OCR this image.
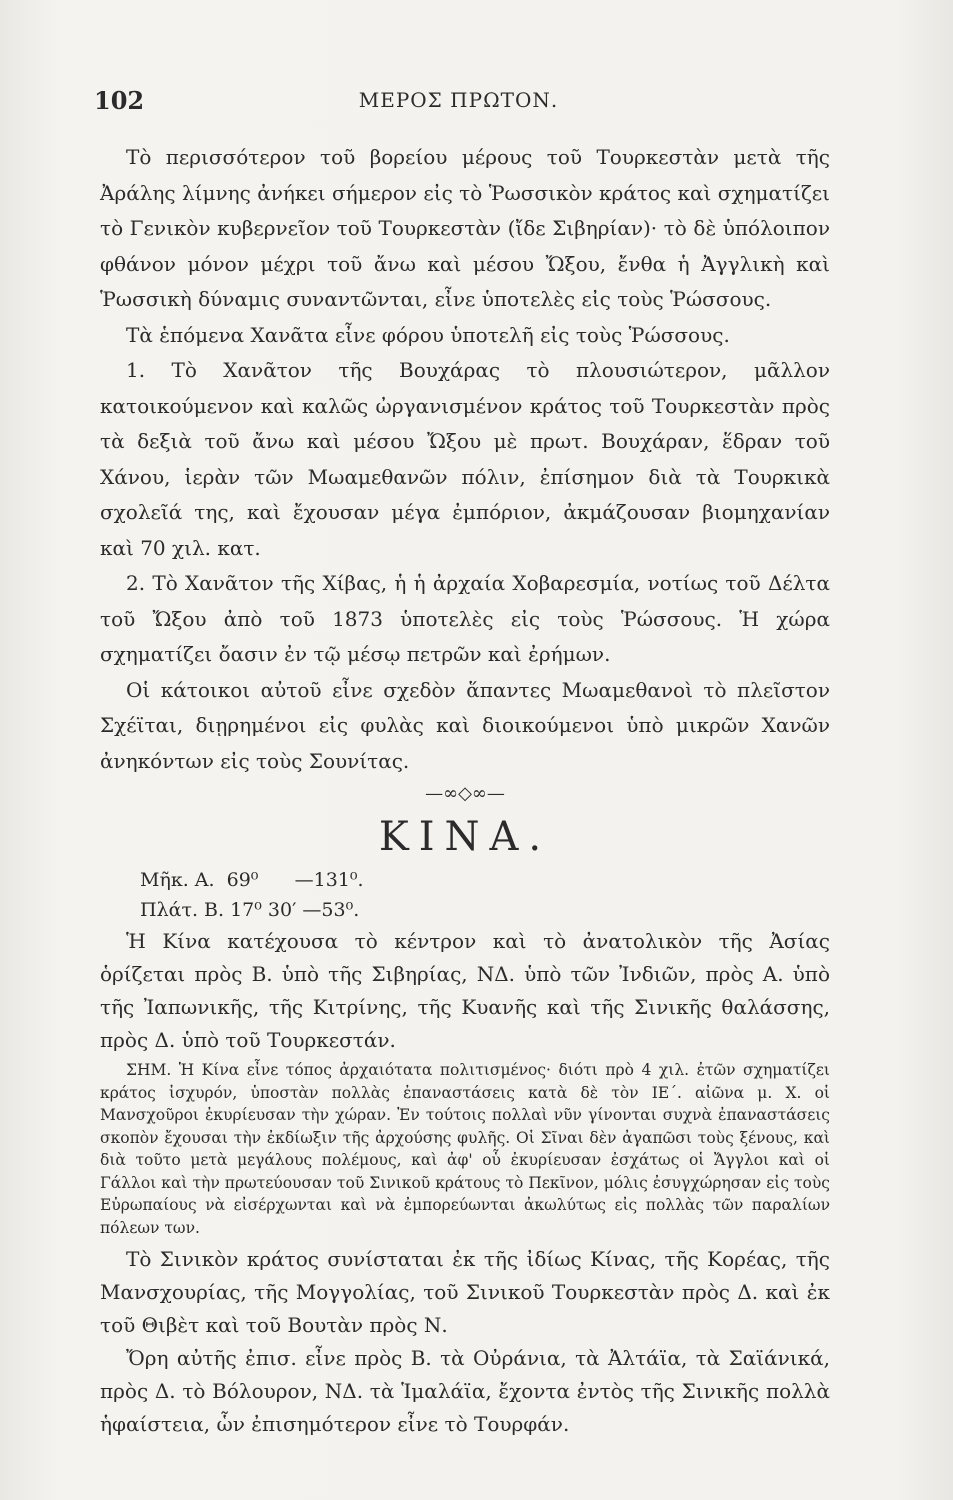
102	ΜΕΡΟΣ ΠΡΩΤΟΝ.

Τὸ περισσότερον τοῦ βορείου μέρους τοῦ Τουρκεστὰν μετὰ τῆς Ἀράλης λίμνης ἀνήκει σήμερον εἰς τὸ Ῥωσσικὸν κράτος καὶ σχηματίζει τὸ Γενικὸν κυβερνεῖον τοῦ Τουρκεστὰν (ἴδε Σιβηρίαν)· τὸ δὲ ὑπόλοιπον φθάνον μόνον μέχρι τοῦ ἄνω καὶ μέσου Ὤξου, ἔνθα ἡ Ἀγγλικὴ καὶ Ῥωσσικὴ δύναμις συναντῶνται, εἶνε ὑποτελὲς εἰς τοὺς Ῥώσσους.

Τὰ ἑπόμενα Χανᾶτα εἶνε φόρου ὑποτελῆ εἰς τοὺς Ῥώσσους.

1. Τὸ Χανᾶτον τῆς Βουχάρας τὸ πλουσιώτερον, μᾶλλον κατοικούμενον καὶ καλῶς ὠργανισμένον κράτος τοῦ Τουρκεστὰν πρὸς τὰ δεξιὰ τοῦ ἄνω καὶ μέσου Ὤξου μὲ πρωτ. Βουχάραν, ἕδραν τοῦ Χάνου, ἱερὰν τῶν Μωαμεθανῶν πόλιν, ἐπίσημον διὰ τὰ Τουρκικὰ σχολεῖά της, καὶ ἔχουσαν μέγα ἐμπόριον, ἀκμάζουσαν βιομηχανίαν καὶ 70 χιλ. κατ.

2. Τὸ Χανᾶτον τῆς Χίβας, ἡ ἡ ἀρχαία Χοβαρεσμία, νοτίως τοῦ Δέλτα τοῦ Ὤξου ἀπὸ τοῦ 1873 ὑποτελὲς εἰς τοὺς Ῥώσσους. Ἡ χώρα σχηματίζει ὄασιν ἐν τῷ μέσῳ πετρῶν καὶ ἐρήμων.

Οἱ κάτοικοι αὐτοῦ εἶνε σχεδὸν ἅπαντες Μωαμεθανοὶ τὸ πλεῖστον Σχέϊται, διῃρημένοι εἰς φυλὰς καὶ διοικούμενοι ὑπὸ μικρῶν Χανῶν ἀνηκόντων εἰς τοὺς Σουνίτας.

—∞◇∞—
ΚΙΝΑ.
Μῆκ. Α.  69⁰      —131⁰.
Πλάτ. Β. 17⁰ 30′ —53⁰.

Ἡ Κίνα κατέχουσα τὸ κέντρον καὶ τὸ ἀνατολικὸν τῆς Ἀσίας ὁρίζεται πρὸς Β. ὑπὸ τῆς Σιβηρίας, ΝΔ. ὑπὸ τῶν Ἰνδιῶν, πρὸς Α. ὑπὸ τῆς Ἰαπωνικῆς, τῆς Κιτρίνης, τῆς Κυανῆς καὶ τῆς Σινικῆς θαλάσσης, πρὸς Δ. ὑπὸ τοῦ Τουρκεστάν.

ΣΗΜ. Ἡ Κίνα εἶνε τόπος ἀρχαιότατα πολιτισμένος· διότι πρὸ 4 χιλ. ἐτῶν σχηματίζει κράτος ἰσχυρόν, ὑποστὰν πολλὰς ἐπαναστάσεις κατὰ δὲ τὸν ΙΕ΄. αἰῶνα μ. Χ. οἱ Μανσχοῦροι ἐκυρίευσαν τὴν χώραν. Ἐν τούτοις πολλαὶ νῦν γίνονται συχνὰ ἐπαναστάσεις σκοπὸν ἔχουσαι τὴν ἐκδίωξιν τῆς ἀρχούσης φυλῆς. Οἱ Σῖναι δὲν ἀγαπῶσι τοὺς ξένους, καὶ διὰ τοῦτο μετὰ μεγάλους πολέμους, καὶ ἀφ' οὗ ἐκυρίευσαν ἐσχάτως οἱ Ἄγγλοι καὶ οἱ Γάλλοι καὶ τὴν πρωτεύουσαν τοῦ Σινικοῦ κράτους τὸ Πεκῖνον, μόλις ἐσυγχώρησαν εἰς τοὺς Εὐρωπαίους νὰ εἰσέρχωνται καὶ νὰ ἐμπορεύωνται ἀκωλύτως εἰς πολλὰς τῶν παραλίων πόλεων των.

Τὸ Σινικὸν κράτος συνίσταται ἐκ τῆς ἰδίως Κίνας, τῆς Κορέας, τῆς Μανσχουρίας, τῆς Μογγολίας, τοῦ Σινικοῦ Τουρκεστὰν πρὸς Δ. καὶ ἐκ τοῦ Θιβὲτ καὶ τοῦ Βουτὰν πρὸς Ν.

Ὄρη αὐτῆς ἐπισ. εἶνε πρὸς Β. τὰ Οὐράνια, τὰ Ἀλτάϊα, τὰ Σαϊάνικά, πρὸς Δ. τὸ Βόλουρον, ΝΔ. τὰ Ἱμαλάϊα, ἔχοντα ἐντὸς τῆς Σινικῆς πολλὰ ἡφαίστεια, ὧν ἐπισημότερον εἶνε τὸ Τουρφάν.
